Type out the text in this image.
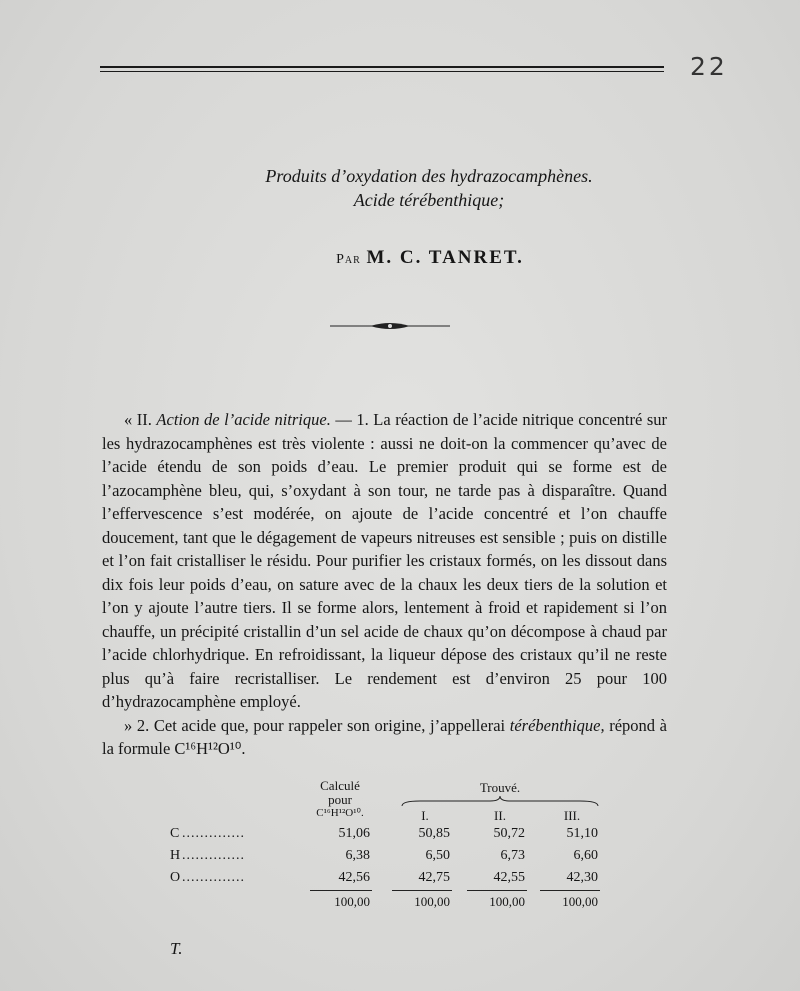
22
Produits d’oxydation des hydrazocamphènes.
Acide térébenthique;
Par M. C. TANRET.

« II. Action de l’acide nitrique. — 1. La réaction de l’acide nitrique concentré sur les hydrazocamphènes est très violente : aussi ne doit-on la commencer qu’avec de l’acide étendu de son poids d’eau. Le premier produit qui se forme est de l’azocamphène bleu, qui, s’oxydant à son tour, ne tarde pas à disparaître. Quand l’effervescence s’est modérée, on ajoute de l’acide concentré et l’on chauffe doucement, tant que le dégagement de vapeurs nitreuses est sensible ; puis on distille et l’on fait cristalliser le résidu. Pour purifier les cristaux formés, on les dissout dans dix fois leur poids d’eau, on sature avec de la chaux les deux tiers de la solution et l’on y ajoute l’autre tiers. Il se forme alors, lentement à froid et rapidement si l’on chauffe, un précipité cristallin d’un sel acide de chaux qu’on décompose à chaud par l’acide chlorhydrique. En refroidissant, la liqueur dépose des cristaux qu’il ne reste plus qu’à faire recristalliser. Le rendement est d’environ 25 pour 100 d’hydrazocamphène employé.

» 2. Cet acide que, pour rappeler son origine, j’appellerai térébenthique, répond à la formule C¹⁶H¹²O¹⁰.

Calculé
pour
C¹⁶H¹²O¹⁰.
Trouvé.
I.	II.	III.
C ..............	51,06	50,85	50,72	51,10
H ..............	6,38	6,50	6,73	6,60
O ..............	42,56	42,75	42,55	42,30
100,00	100,00	100,00	100,00
T.
